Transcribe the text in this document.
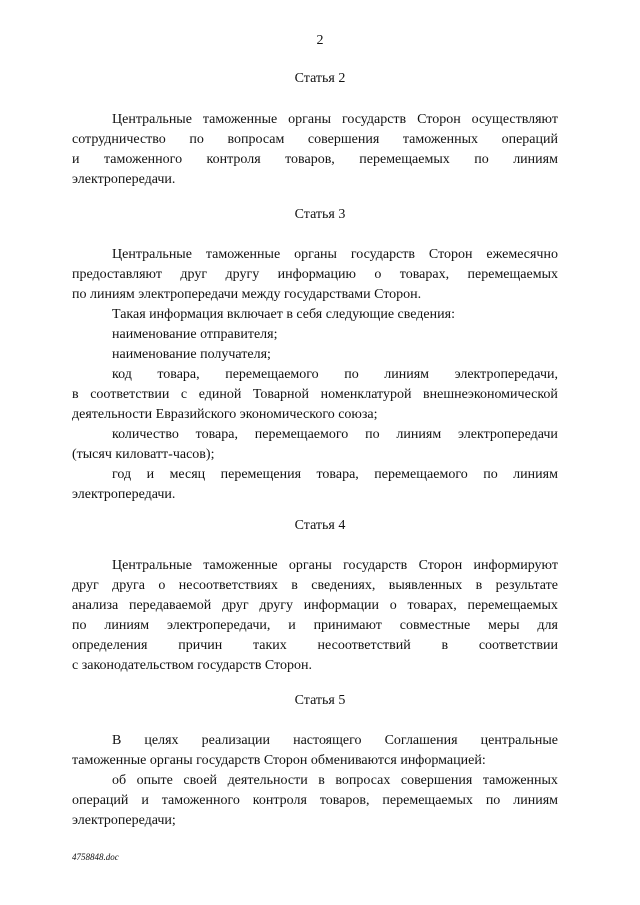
2
Статья 2
Центральные таможенные органы государств Сторон осуществляют
сотрудничество по вопросам совершения таможенных операций
и таможенного контроля товаров, перемещаемых по линиям
электропередачи.
Статья 3
Центральные таможенные органы государств Сторон ежемесячно
предоставляют друг другу информацию о товарах, перемещаемых
по линиям электропередачи между государствами Сторон.
Такая информация включает в себя следующие сведения:
наименование отправителя;
наименование получателя;
код товара, перемещаемого по линиям электропередачи,
в соответствии с единой Товарной номенклатурой внешнеэкономической
деятельности Евразийского экономического союза;
количество товара, перемещаемого по линиям электропередачи
(тысяч киловатт-часов);
год и месяц перемещения товара, перемещаемого по линиям
электропередачи.
Статья 4
Центральные таможенные органы государств Сторон информируют
друг друга о несоответствиях в сведениях, выявленных в результате
анализа передаваемой друг другу информации о товарах, перемещаемых
по линиям электропередачи, и принимают совместные меры для
определения причин таких несоответствий в соответствии
с законодательством государств Сторон.
Статья 5
В целях реализации настоящего Соглашения центральные
таможенные органы государств Сторон обмениваются информацией:
об опыте своей деятельности в вопросах совершения таможенных
операций и таможенного контроля товаров, перемещаемых по линиям
электропередачи;
4758848.doc
